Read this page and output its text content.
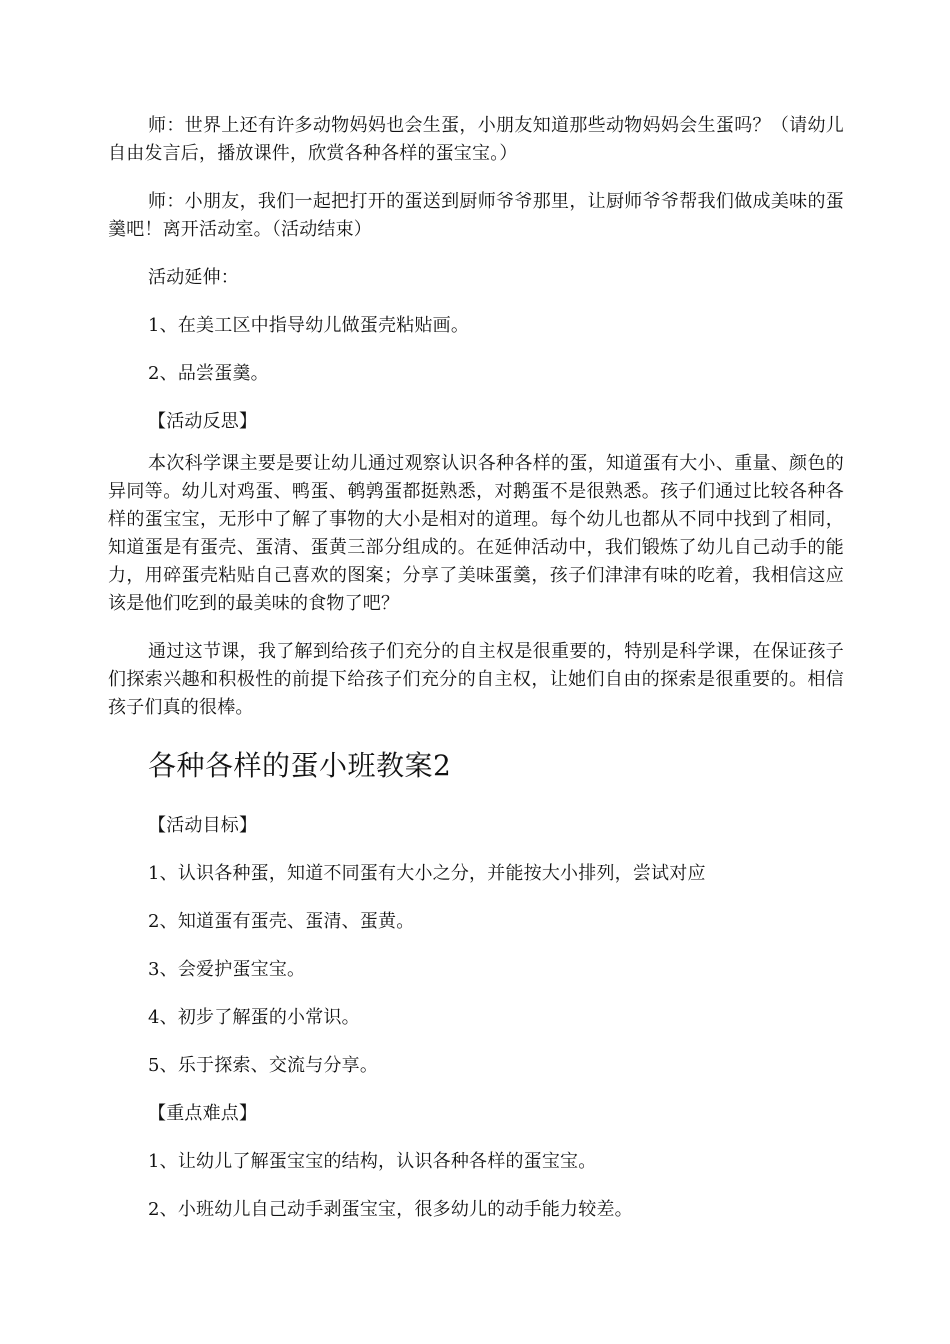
师：世界上还有许多动物妈妈也会生蛋，小朋友知道那些动物妈妈会生蛋吗？（请幼儿自由发言后，播放课件，欣赏各种各样的蛋宝宝。）

师：小朋友，我们一起把打开的蛋送到厨师爷爷那里，让厨师爷爷帮我们做成美味的蛋羹吧！离开活动室。（活动结束）

活动延伸：

1、在美工区中指导幼儿做蛋壳粘贴画。

2、品尝蛋羹。

【活动反思】

本次科学课主要是要让幼儿通过观察认识各种各样的蛋，知道蛋有大小、重量、颜色的异同等。幼儿对鸡蛋、鸭蛋、鹌鹑蛋都挺熟悉，对鹅蛋不是很熟悉。孩子们通过比较各种各样的蛋宝宝，无形中了解了事物的大小是相对的道理。每个幼儿也都从不同中找到了相同，知道蛋是有蛋壳、蛋清、蛋黄三部分组成的。在延伸活动中，我们锻炼了幼儿自己动手的能力，用碎蛋壳粘贴自己喜欢的图案；分享了美味蛋羹，孩子们津津有味的吃着，我相信这应该是他们吃到的最美味的食物了吧？

通过这节课，我了解到给孩子们充分的自主权是很重要的，特别是科学课，在保证孩子们探索兴趣和积极性的前提下给孩子们充分的自主权，让她们自由的探索是很重要的。相信孩子们真的很棒。

各种各样的蛋小班教案2

【活动目标】

1、认识各种蛋，知道不同蛋有大小之分，并能按大小排列，尝试对应

2、知道蛋有蛋壳、蛋清、蛋黄。

3、会爱护蛋宝宝。

4、初步了解蛋的小常识。

5、乐于探索、交流与分享。

【重点难点】

1、让幼儿了解蛋宝宝的结构，认识各种各样的蛋宝宝。

2、小班幼儿自己动手剥蛋宝宝，很多幼儿的动手能力较差。
